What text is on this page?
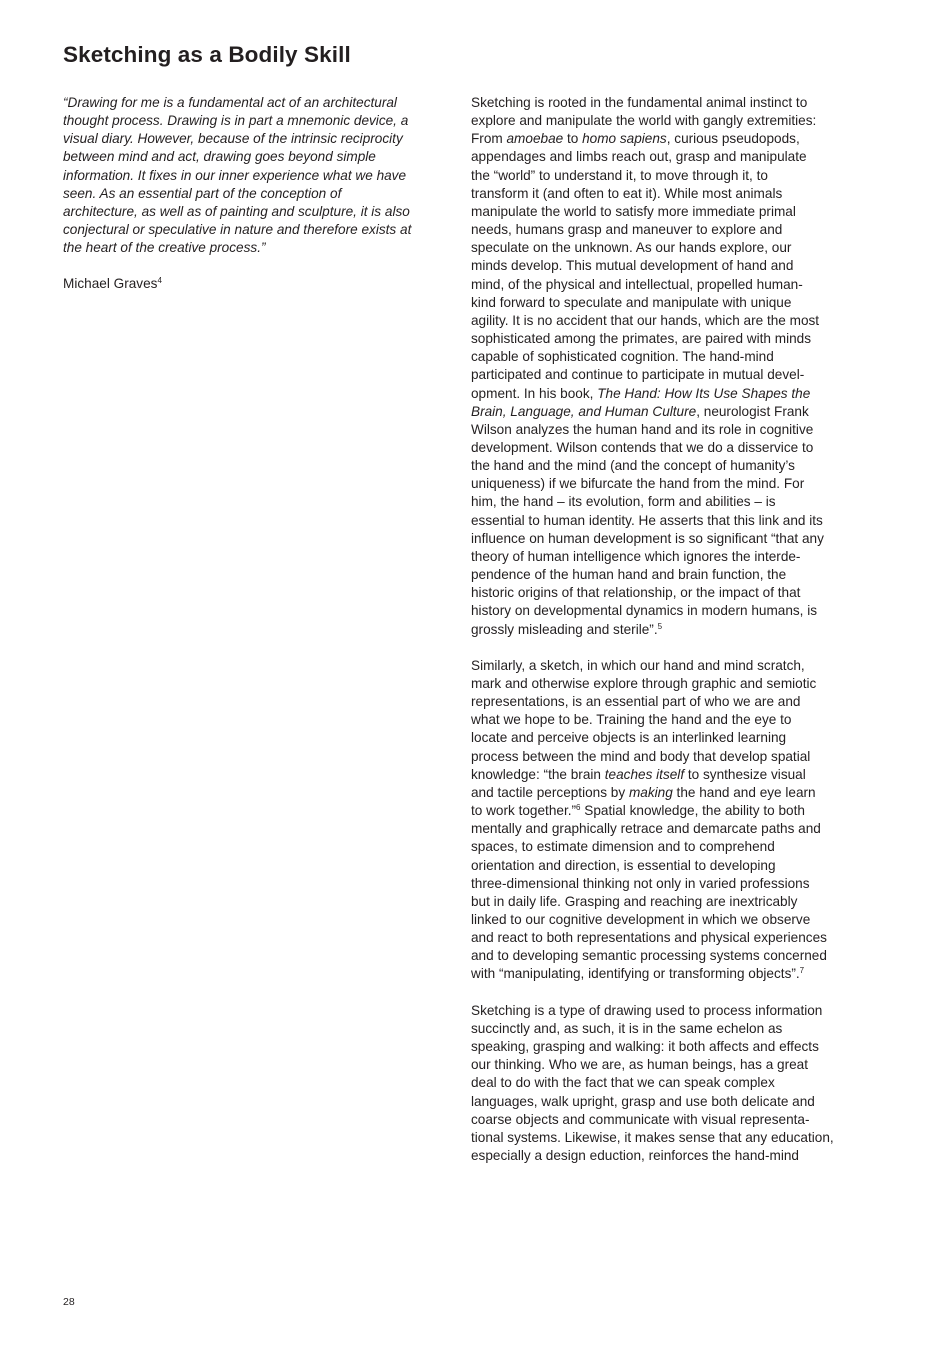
Sketching as a Bodily Skill
“Drawing for me is a fundamental act of an architectural
thought process. Drawing is in part a mnemonic device, a
visual diary. However, because of the intrinsic reciprocity
between mind and act, drawing goes beyond simple
information. It fixes in our inner experience what we have
seen. As an essential part of the conception of
architecture, as well as of painting and sculpture, it is also
conjectural or speculative in nature and therefore exists at
the heart of the creative process.”
Michael Graves$^4$
Sketching is rooted in the fundamental animal instinct to
explore and manipulate the world with gangly extremities:
From amoebae to homo sapiens, curious pseudopods,
appendages and limbs reach out, grasp and manipulate
the “world” to understand it, to move through it, to
transform it (and often to eat it). While most animals
manipulate the world to satisfy more immediate primal
needs, humans grasp and maneuver to explore and
speculate on the unknown. As our hands explore, our
minds develop. This mutual development of hand and
mind, of the physical and intellectual, propelled human-
kind forward to speculate and manipulate with unique
agility. It is no accident that our hands, which are the most
sophisticated among the primates, are paired with minds
capable of sophisticated cognition. The hand-mind
participated and continue to participate in mutual devel-
opment. In his book, The Hand: How Its Use Shapes the
Brain, Language, and Human Culture, neurologist Frank
Wilson analyzes the human hand and its role in cognitive
development. Wilson contends that we do a disservice to
the hand and the mind (and the concept of humanity’s
uniqueness) if we bifurcate the hand from the mind. For
him, the hand – its evolution, form and abilities – is
essential to human identity. He asserts that this link and its
influence on human development is so significant “that any
theory of human intelligence which ignores the interde-
pendence of the human hand and brain function, the
historic origins of that relationship, or the impact of that
history on developmental dynamics in modern humans, is
grossly misleading and sterile”.$^5$
Similarly, a sketch, in which our hand and mind scratch,
mark and otherwise explore through graphic and semiotic
representations, is an essential part of who we are and
what we hope to be. Training the hand and the eye to
locate and perceive objects is an interlinked learning
process between the mind and body that develop spatial
knowledge: “the brain teaches itself to synthesize visual
and tactile perceptions by making the hand and eye learn
to work together.”$^6$ Spatial knowledge, the ability to both
mentally and graphically retrace and demarcate paths and
spaces, to estimate dimension and to comprehend
orientation and direction, is essential to developing
three-dimensional thinking not only in varied professions
but in daily life. Grasping and reaching are inextricably
linked to our cognitive development in which we observe
and react to both representations and physical experiences
and to developing semantic processing systems concerned
with “manipulating, identifying or transforming objects”.$^7$
Sketching is a type of drawing used to process information
succinctly and, as such, it is in the same echelon as
speaking, grasping and walking: it both affects and effects
our thinking. Who we are, as human beings, has a great
deal to do with the fact that we can speak complex
languages, walk upright, grasp and use both delicate and
coarse objects and communicate with visual representa-
tional systems. Likewise, it makes sense that any education,
especially a design eduction, reinforces the hand-mind
28
